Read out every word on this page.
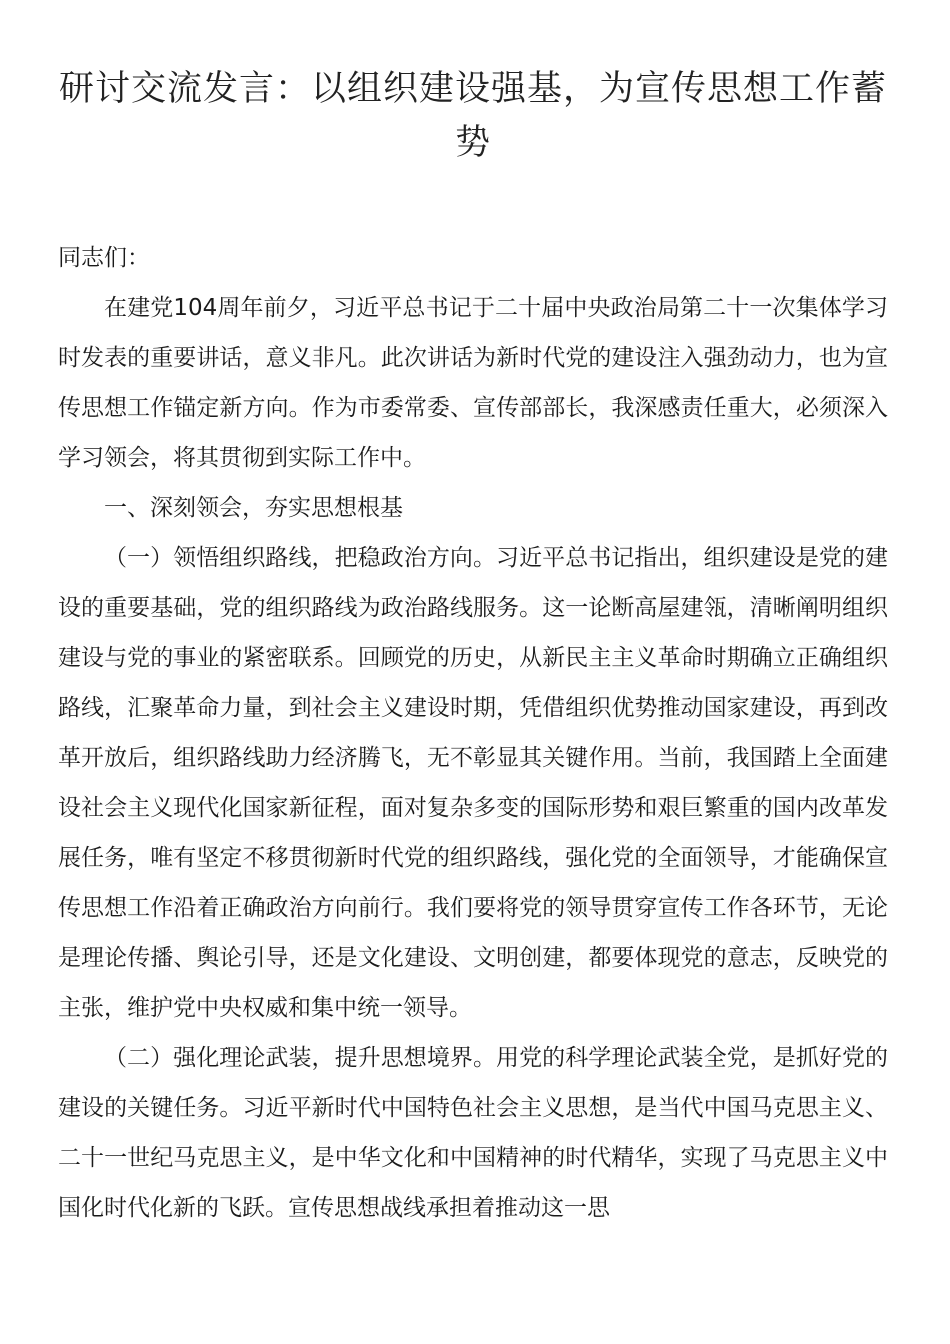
研讨交流发言：以组织建设强基，为宣传思想工作蓄势

同志们：

在建党104周年前夕，习近平总书记于二十届中央政治局第二十一次集体学习时发表的重要讲话，意义非凡。此次讲话为新时代党的建设注入强劲动力，也为宣传思想工作锚定新方向。作为市委常委、宣传部部长，我深感责任重大，必须深入学习领会，将其贯彻到实际工作中。

一、深刻领会，夯实思想根基

（一）领悟组织路线，把稳政治方向。习近平总书记指出，组织建设是党的建设的重要基础，党的组织路线为政治路线服务。这一论断高屋建瓴，清晰阐明组织建设与党的事业的紧密联系。回顾党的历史，从新民主主义革命时期确立正确组织路线，汇聚革命力量，到社会主义建设时期，凭借组织优势推动国家建设，再到改革开放后，组织路线助力经济腾飞，无不彰显其关键作用。当前，我国踏上全面建设社会主义现代化国家新征程，面对复杂多变的国际形势和艰巨繁重的国内改革发展任务，唯有坚定不移贯彻新时代党的组织路线，强化党的全面领导，才能确保宣传思想工作沿着正确政治方向前行。我们要将党的领导贯穿宣传工作各环节，无论是理论传播、舆论引导，还是文化建设、文明创建，都要体现党的意志，反映党的主张，维护党中央权威和集中统一领导。

（二）强化理论武装，提升思想境界。用党的科学理论武装全党，是抓好党的建设的关键任务。习近平新时代中国特色社会主义思想，是当代中国马克思主义、二十一世纪马克思主义，是中华文化和中国精神的时代精华，实现了马克思主义中国化时代化新的飞跃。宣传思想战线承担着推动这一思
